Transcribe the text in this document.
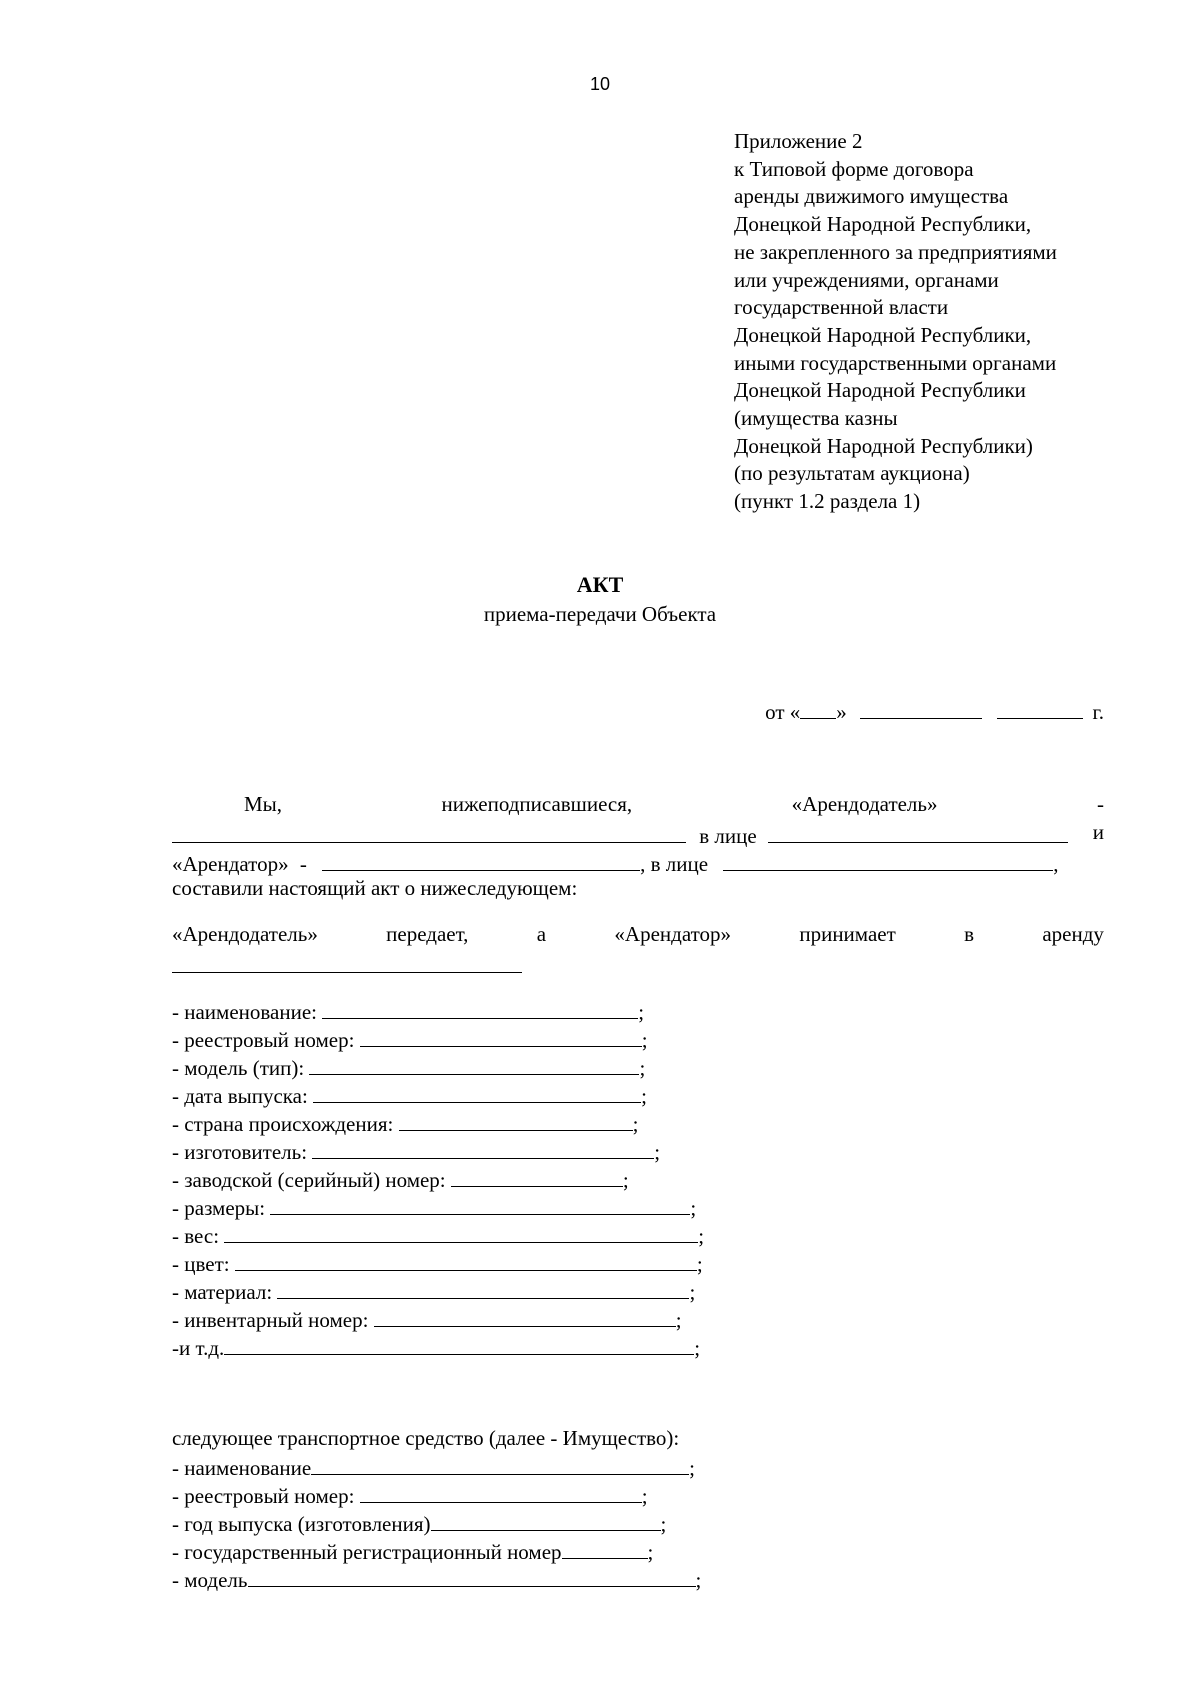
10
Приложение 2
к Типовой форме договора
аренды движимого имущества
Донецкой Народной Республики,
не закрепленного за предприятиями
или учреждениями, органами
государственной власти
Донецкой Народной Республики,
иными государственными органами
Донецкой Народной Республики
(имущества казны
Донецкой Народной Республики)
(по результатам аукциона)
(пункт 1.2 раздела 1)
АКТ
приема-передачи Объекта
от « »	г.
Мы,	нижеподписавшиеся,	«Арендодатель»	-
в лице	и
«Арендатор» -	, в лице	,
составили настоящий акт о нижеследующем:
«Арендодатель»	передает,	а	«Арендатор»	принимает	в	аренду
- наименование:	;
- реестровый номер:	;
- модель (тип):	;
- дата выпуска:	;
- страна происхождения:	;
- изготовитель:	;
- заводской (серийный) номер:	;
- размеры:	;
- вес:	;
- цвет:	;
- материал:	;
- инвентарный номер:	;
-и т.д.	;
следующее транспортное средство (далее - Имущество):
- наименование	;
- реестровый номер:	;
- год выпуска (изготовления)	;
- государственный регистрационный номер	;
- модель	;
